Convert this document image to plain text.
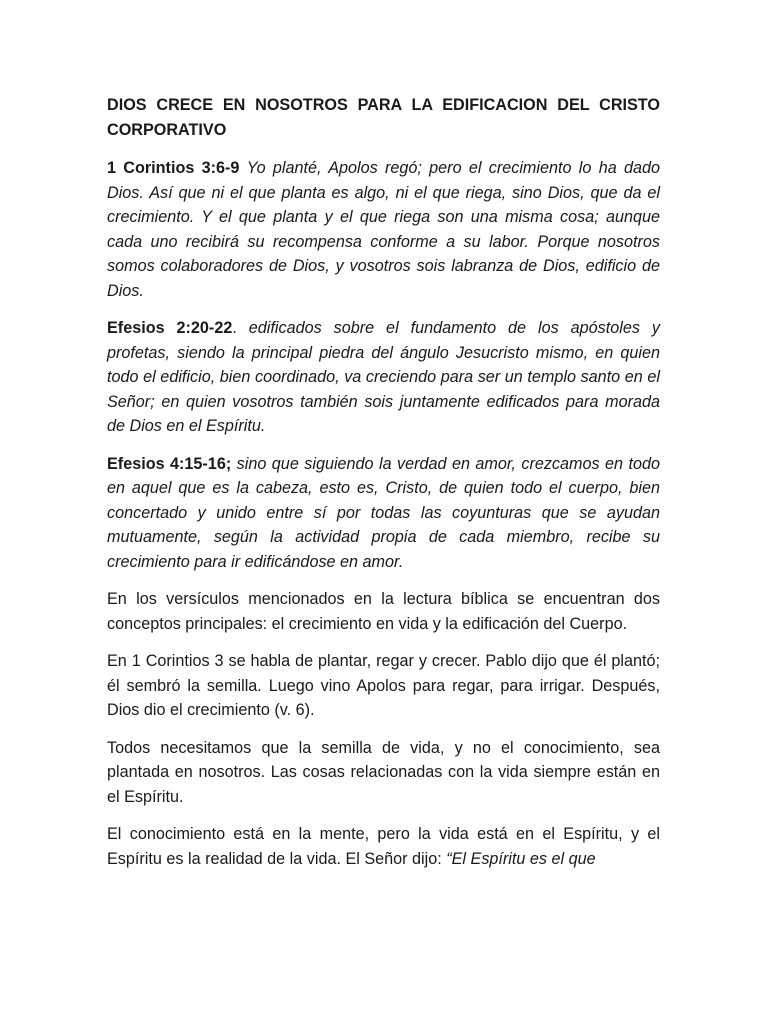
DIOS CRECE EN NOSOTROS PARA LA EDIFICACION DEL CRISTO CORPORATIVO

1 Corintios 3:6-9 Yo planté, Apolos regó; pero el crecimiento lo ha dado Dios. Así que ni el que planta es algo, ni el que riega, sino Dios, que da el crecimiento. Y el que planta y el que riega son una misma cosa; aunque cada uno recibirá su recompensa conforme a su labor. Porque nosotros somos colaboradores de Dios, y vosotros sois labranza de Dios, edificio de Dios.

Efesios 2:20-22. edificados sobre el fundamento de los apóstoles y profetas, siendo la principal piedra del ángulo Jesucristo mismo, en quien todo el edificio, bien coordinado, va creciendo para ser un templo santo en el Señor; en quien vosotros también sois juntamente edificados para morada de Dios en el Espíritu.

Efesios 4:15-16; sino que siguiendo la verdad en amor, crezcamos en todo en aquel que es la cabeza, esto es, Cristo, de quien todo el cuerpo, bien concertado y unido entre sí por todas las coyunturas que se ayudan mutuamente, según la actividad propia de cada miembro, recibe su crecimiento para ir edificándose en amor.

En los versículos mencionados en la lectura bíblica se encuentran dos conceptos principales: el crecimiento en vida y la edificación del Cuerpo.

En 1 Corintios 3 se habla de plantar, regar y crecer. Pablo dijo que él plantó; él sembró la semilla. Luego vino Apolos para regar, para irrigar. Después, Dios dio el crecimiento (v. 6).

Todos necesitamos que la semilla de vida, y no el conocimiento, sea plantada en nosotros. Las cosas relacionadas con la vida siempre están en el Espíritu.

El conocimiento está en la mente, pero la vida está en el Espíritu, y el Espíritu es la realidad de la vida. El Señor dijo: “El Espíritu es el que
